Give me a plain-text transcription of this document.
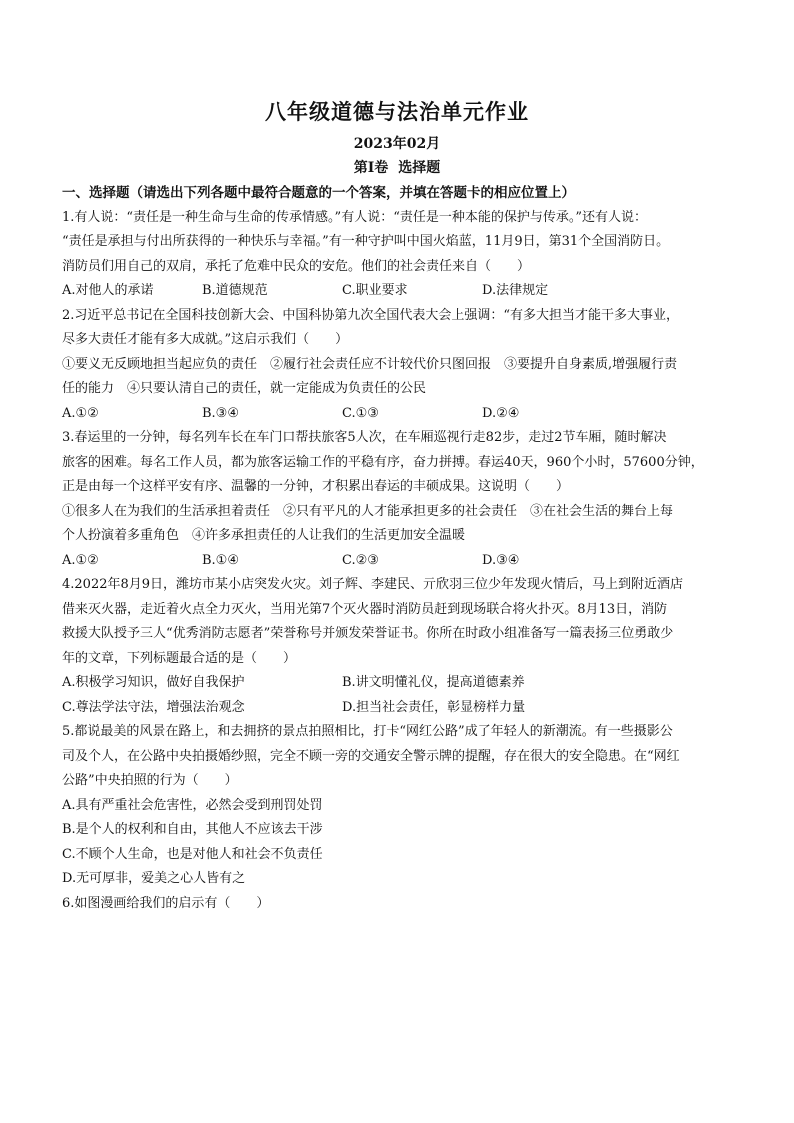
八年级道德与法治单元作业
2023年02月
第Ⅰ卷 选择题

一、选择题（请选出下列各题中最符合题意的一个答案，并填在答题卡的相应位置上）

1.有人说：“责任是一种生命与生命的传承情感。”有人说：“责任是一种本能的保护与传承。”还有人说：

“责任是承担与付出所获得的一种快乐与幸福。”有一种守护叫中国火焰蓝，11月9日，第31个全国消防日。

消防员们用自己的双肩，承托了危难中民众的安危。他们的社会责任来自（　　）

A.对他人的承诺	B.道德规范	C.职业要求	D.法律规定

2.习近平总书记在全国科技创新大会、中国科协第九次全国代表大会上强调：“有多大担当才能干多大事业，

尽多大责任才能有多大成就。”这启示我们（　　）

①要义无反顾地担当起应负的责任　②履行社会责任应不计较代价只图回报　③要提升自身素质,增强履行责

任的能力　④只要认清自己的责任，就一定能成为负责任的公民

A.①②	B.③④	C.①③	D.②④

3.春运里的一分钟，每名列车长在车门口帮扶旅客5人次，在车厢巡视行走82步，走过2节车厢，随时解决

旅客的困难。每名工作人员，都为旅客运输工作的平稳有序，奋力拼搏。春运40天，960个小时，57600分钟，

正是由每一个这样平安有序、温馨的一分钟，才积累出春运的丰硕成果。这说明（　　）

①很多人在为我们的生活承担着责任　②只有平凡的人才能承担更多的社会责任　③在社会生活的舞台上每

个人扮演着多重角色　④许多承担责任的人让我们的生活更加安全温暖

A.①②	B.①④	C.②③	D.③④

4.2022年8月9日，潍坊市某小店突发火灾。刘子辉、李建民、亓欣羽三位少年发现火情后，马上到附近酒店

借来灭火器，走近着火点全力灭火，当用光第7个灭火器时消防员赶到现场联合将火扑灭。8月13日，消防

救援大队授予三人“优秀消防志愿者”荣誉称号并颁发荣誉证书。你所在时政小组准备写一篇表扬三位勇敢少

年的文章，下列标题最合适的是（　　）

A.积极学习知识，做好自我保护	B.讲文明懂礼仪，提高道德素养
C.尊法学法守法，增强法治观念	D.担当社会责任，彰显榜样力量

5.都说最美的风景在路上，和去拥挤的景点拍照相比，打卡“网红公路”成了年轻人的新潮流。有一些摄影公

司及个人，在公路中央拍摄婚纱照，完全不顾一旁的交通安全警示牌的提醒，存在很大的安全隐患。在“网红

公路”中央拍照的行为（　　）

A.具有严重社会危害性，必然会受到刑罚处罚

B.是个人的权利和自由，其他人不应该去干涉

C.不顾个人生命，也是对他人和社会不负责任

D.无可厚非，爱美之心人皆有之

6.如图漫画给我们的启示有（　　）
